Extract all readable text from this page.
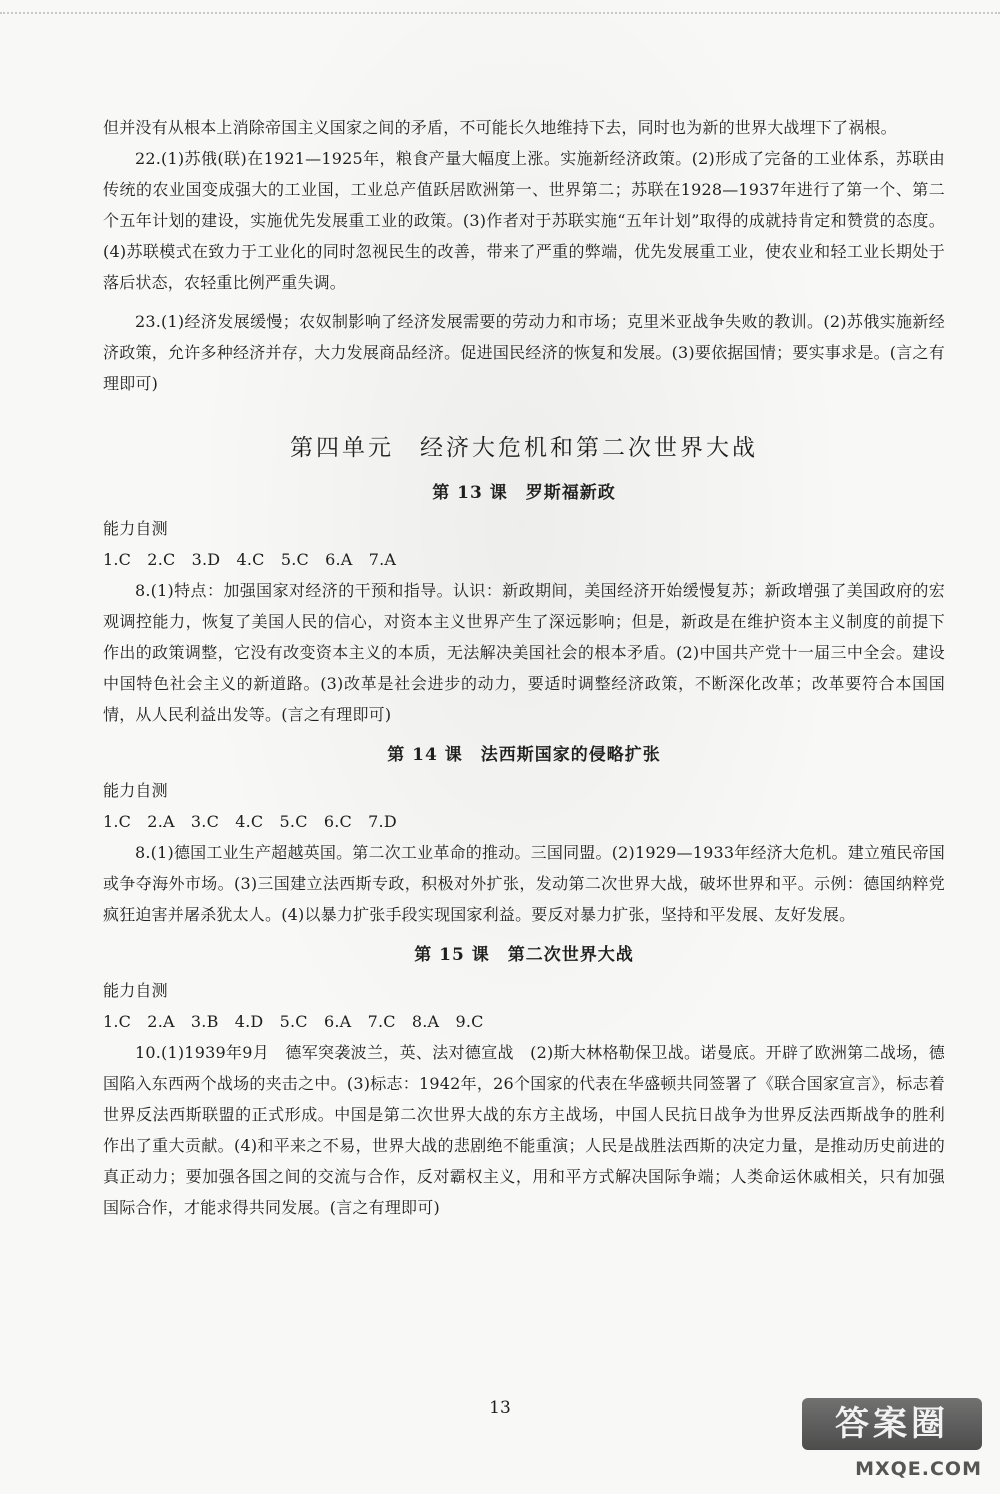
但并没有从根本上消除帝国主义国家之间的矛盾，不可能长久地维持下去，同时也为新的世界大战埋下了祸根。

22.(1)苏俄(联)在1921—1925年，粮食产量大幅度上涨。实施新经济政策。(2)形成了完备的工业体系，苏联由传统的农业国变成强大的工业国，工业总产值跃居欧洲第一、世界第二；苏联在1928—1937年进行了第一个、第二个五年计划的建设，实施优先发展重工业的政策。(3)作者对于苏联实施“五年计划”取得的成就持肯定和赞赏的态度。(4)苏联模式在致力于工业化的同时忽视民生的改善，带来了严重的弊端，优先发展重工业，使农业和轻工业长期处于落后状态，农轻重比例严重失调。

23.(1)经济发展缓慢；农奴制影响了经济发展需要的劳动力和市场；克里米亚战争失败的教训。(2)苏俄实施新经济政策，允许多种经济并存，大力发展商品经济。促进国民经济的恢复和发展。(3)要依据国情；要实事求是。(言之有理即可)

第四单元　经济大危机和第二次世界大战
第 13 课　罗斯福新政

能力自测

1.C　2.C　3.D　4.C　5.C　6.A　7.A

8.(1)特点：加强国家对经济的干预和指导。认识：新政期间，美国经济开始缓慢复苏；新政增强了美国政府的宏观调控能力，恢复了美国人民的信心，对资本主义世界产生了深远影响；但是，新政是在维护资本主义制度的前提下作出的政策调整，它没有改变资本主义的本质，无法解决美国社会的根本矛盾。(2)中国共产党十一届三中全会。建设中国特色社会主义的新道路。(3)改革是社会进步的动力，要适时调整经济政策，不断深化改革；改革要符合本国国情，从人民利益出发等。(言之有理即可)

第 14 课　法西斯国家的侵略扩张

能力自测

1.C　2.A　3.C　4.C　5.C　6.C　7.D

8.(1)德国工业生产超越英国。第二次工业革命的推动。三国同盟。(2)1929—1933年经济大危机。建立殖民帝国或争夺海外市场。(3)三国建立法西斯专政，积极对外扩张，发动第二次世界大战，破坏世界和平。示例：德国纳粹党疯狂迫害并屠杀犹太人。(4)以暴力扩张手段实现国家利益。要反对暴力扩张，坚持和平发展、友好发展。

第 15 课　第二次世界大战

能力自测

1.C　2.A　3.B　4.D　5.C　6.A　7.C　8.A　9.C

10.(1)1939年9月　德军突袭波兰，英、法对德宣战　(2)斯大林格勒保卫战。诺曼底。开辟了欧洲第二战场，德国陷入东西两个战场的夹击之中。(3)标志：1942年，26个国家的代表在华盛顿共同签署了《联合国家宣言》，标志着世界反法西斯联盟的正式形成。中国是第二次世界大战的东方主战场，中国人民抗日战争为世界反法西斯战争的胜利作出了重大贡献。(4)和平来之不易，世界大战的悲剧绝不能重演；人民是战胜法西斯的决定力量，是推动历史前进的真正动力；要加强各国之间的交流与合作，反对霸权主义，用和平方式解决国际争端；人类命运休戚相关，只有加强国际合作，才能求得共同发展。(言之有理即可)

13	答案圈
MXQE.COM
